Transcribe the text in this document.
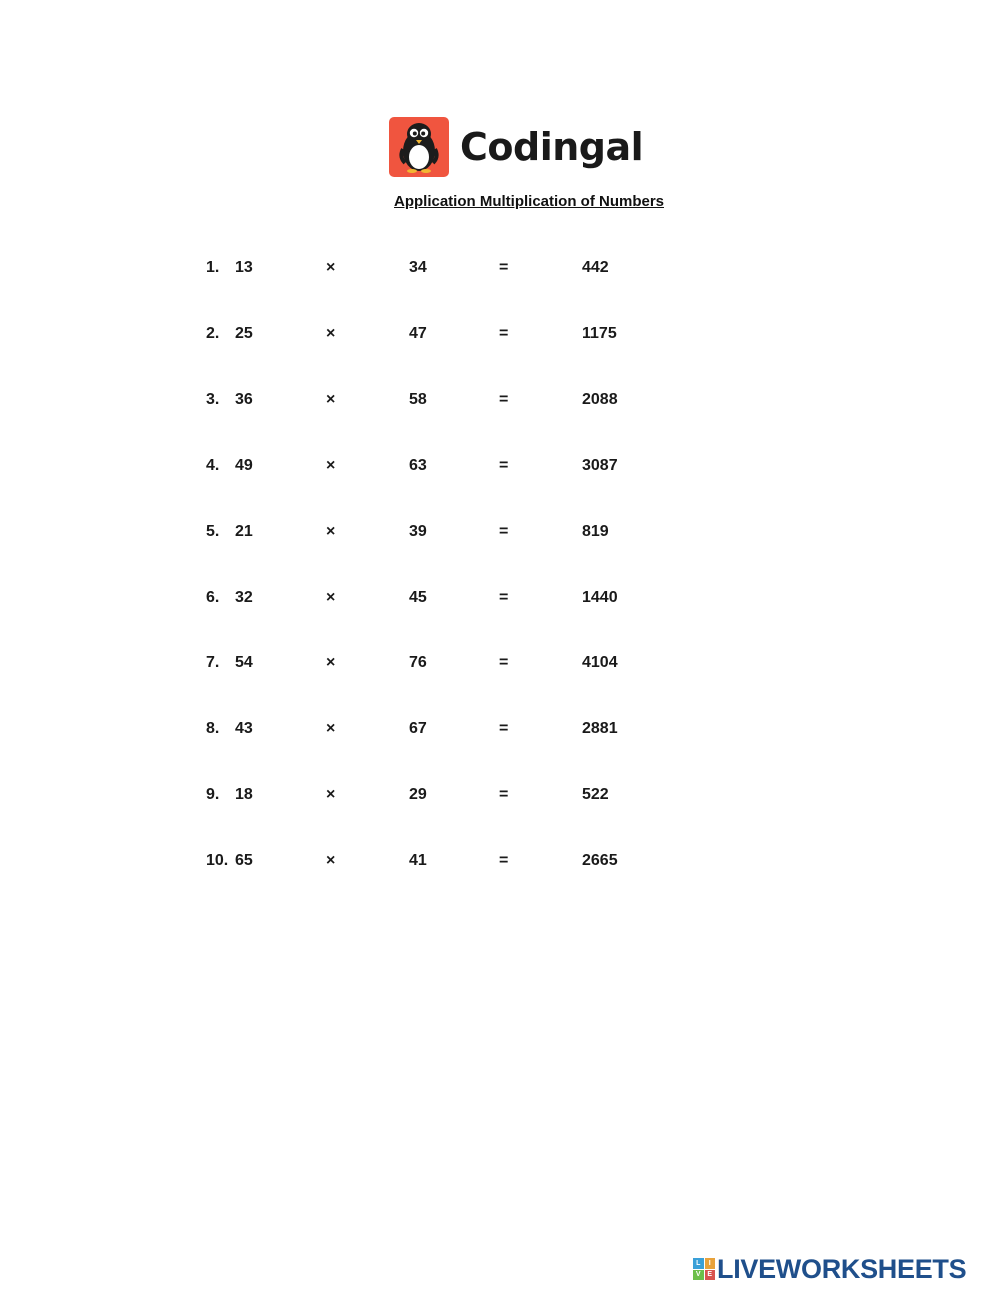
Codingal
Application Multiplication of Numbers
1. 13	×	34	=	442
2. 25	×	47	=	1175
3. 36	×	58	=	2088
4. 49	×	63	=	3087
5. 21	×	39	=	819
6. 32	×	45	=	1440
7. 54	×	76	=	4104
8. 43	×	67	=	2881
9. 18	×	29	=	522
10. 65	×	41	=	2665
L	I
V E LIVEWORKSHEETS
